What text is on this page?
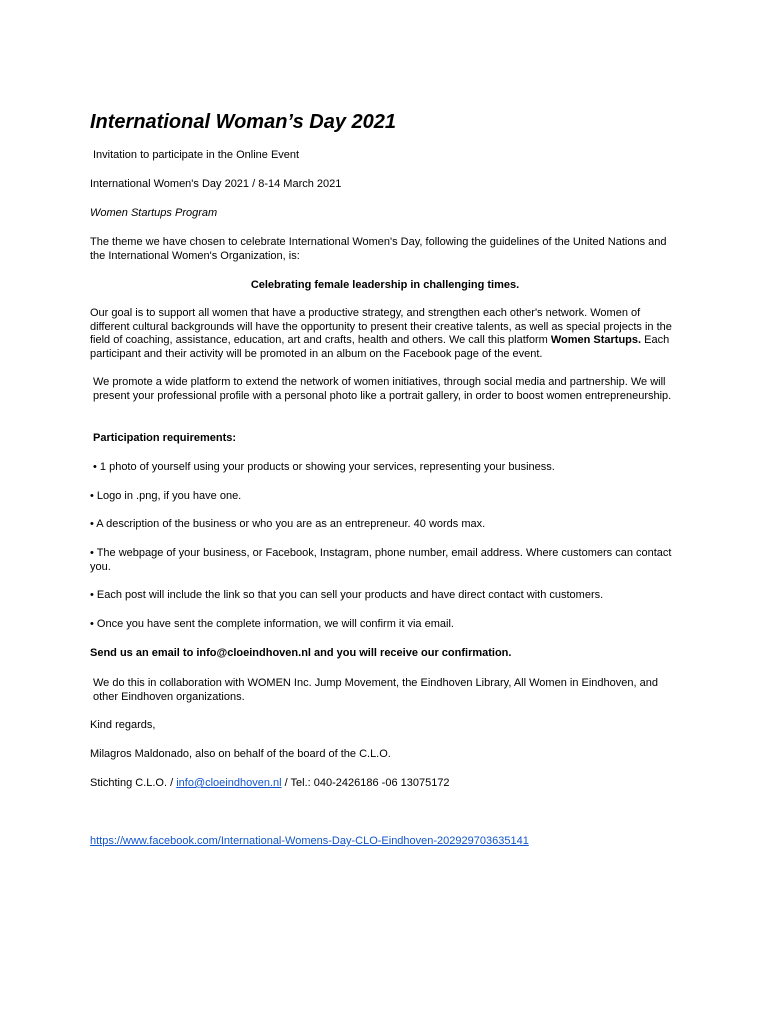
International Woman’s Day 2021

Invitation to participate in the Online Event

International Women's Day 2021 / 8-14 March 2021

Women Startups Program

The theme we have chosen to celebrate International Women's Day, following the guidelines of the United Nations and the International Women's Organization, is:

Celebrating female leadership in challenging times.

Our goal is to support all women that have a productive strategy, and strengthen each other's network. Women of different cultural backgrounds will have the opportunity to present their creative talents, as well as special projects in the field of coaching, assistance, education, art and crafts, health and others. We call this platform Women Startups. Each participant and their activity will be promoted in an album on the Facebook page of the event.

We promote a wide platform to extend the network of women initiatives, through social media and partnership. We will present your professional profile with a personal photo like a portrait gallery, in order to boost women entrepreneurship.

Participation requirements:

• 1 photo of yourself using your products or showing your services, representing your business.

• Logo in .png, if you have one.

• A description of the business or who you are as an entrepreneur. 40 words max.

• The webpage of your business, or Facebook, Instagram, phone number, email address. Where customers can contact you.

• Each post will include the link so that you can sell your products and have direct contact with customers.

• Once you have sent the complete information, we will confirm it via email.

Send us an email to info@cloeindhoven.nl and you will receive our confirmation.

We do this in collaboration with WOMEN Inc. Jump Movement, the Eindhoven Library, All Women in Eindhoven, and other Eindhoven organizations.

Kind regards,

Milagros Maldonado, also on behalf of the board of the C.L.O.

Stichting C.L.O. / info@cloeindhoven.nl / Tel.: 040-2426186 -06 13075172

https://www.facebook.com/International-Womens-Day-CLO-Eindhoven-202929703635141
